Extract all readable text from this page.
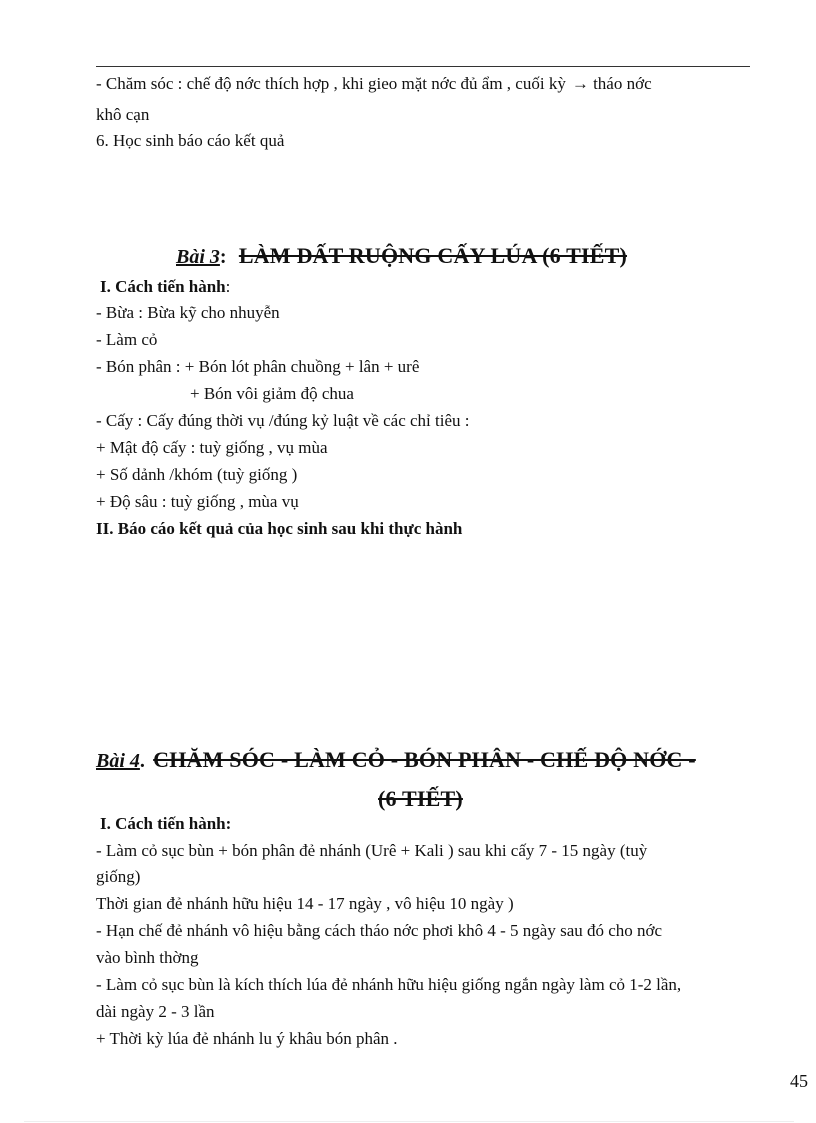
- Chăm sóc : chế độ nớc thích hợp , khi gieo mặt nớc đủ ẩm , cuối kỳ → tháo nớc
khô cạn
6. Học sinh báo cáo kết quả
Bài 3: LÀM ĐẤT RUỘNG CẤY LÚA (6 TIẾT)
I. Cách tiến hành:
- Bừa : Bừa kỹ cho nhuyễn
- Làm cỏ
- Bón phân : + Bón lót phân chuồng + lân + urê
+ Bón vôi giảm độ chua
- Cấy : Cấy đúng thời vụ /đúng kỷ luật về các chỉ tiêu :
+ Mật độ cấy : tuỳ giống , vụ mùa
+ Số dảnh /khóm (tuỳ giống )
+ Độ sâu : tuỳ giống , mùa vụ
II. Báo cáo kết quả của học sinh sau khi thực hành
Bài 4. CHĂM SÓC - LÀM CỎ - BÓN PHÂN - CHẾ ĐỘ NỚC -
(6 TIẾT)
I. Cách tiến hành:
- Làm cỏ sục bùn + bón phân đẻ nhánh (Urê + Kali ) sau khi cấy 7 - 15 ngày (tuỳ
giống)
Thời gian đẻ nhánh hữu hiệu 14 - 17 ngày , vô hiệu 10 ngày )
- Hạn chế đẻ nhánh vô hiệu bằng cách tháo nớc phơi khô 4 - 5 ngày sau đó cho nớc
vào bình thờng
- Làm cỏ sục bùn là kích thích lúa đẻ nhánh hữu hiệu giống ngắn ngày làm cỏ 1-2 lần,
dài ngày 2 - 3 lần
+ Thời kỳ lúa đẻ nhánh lu ý khâu bón phân .
45
